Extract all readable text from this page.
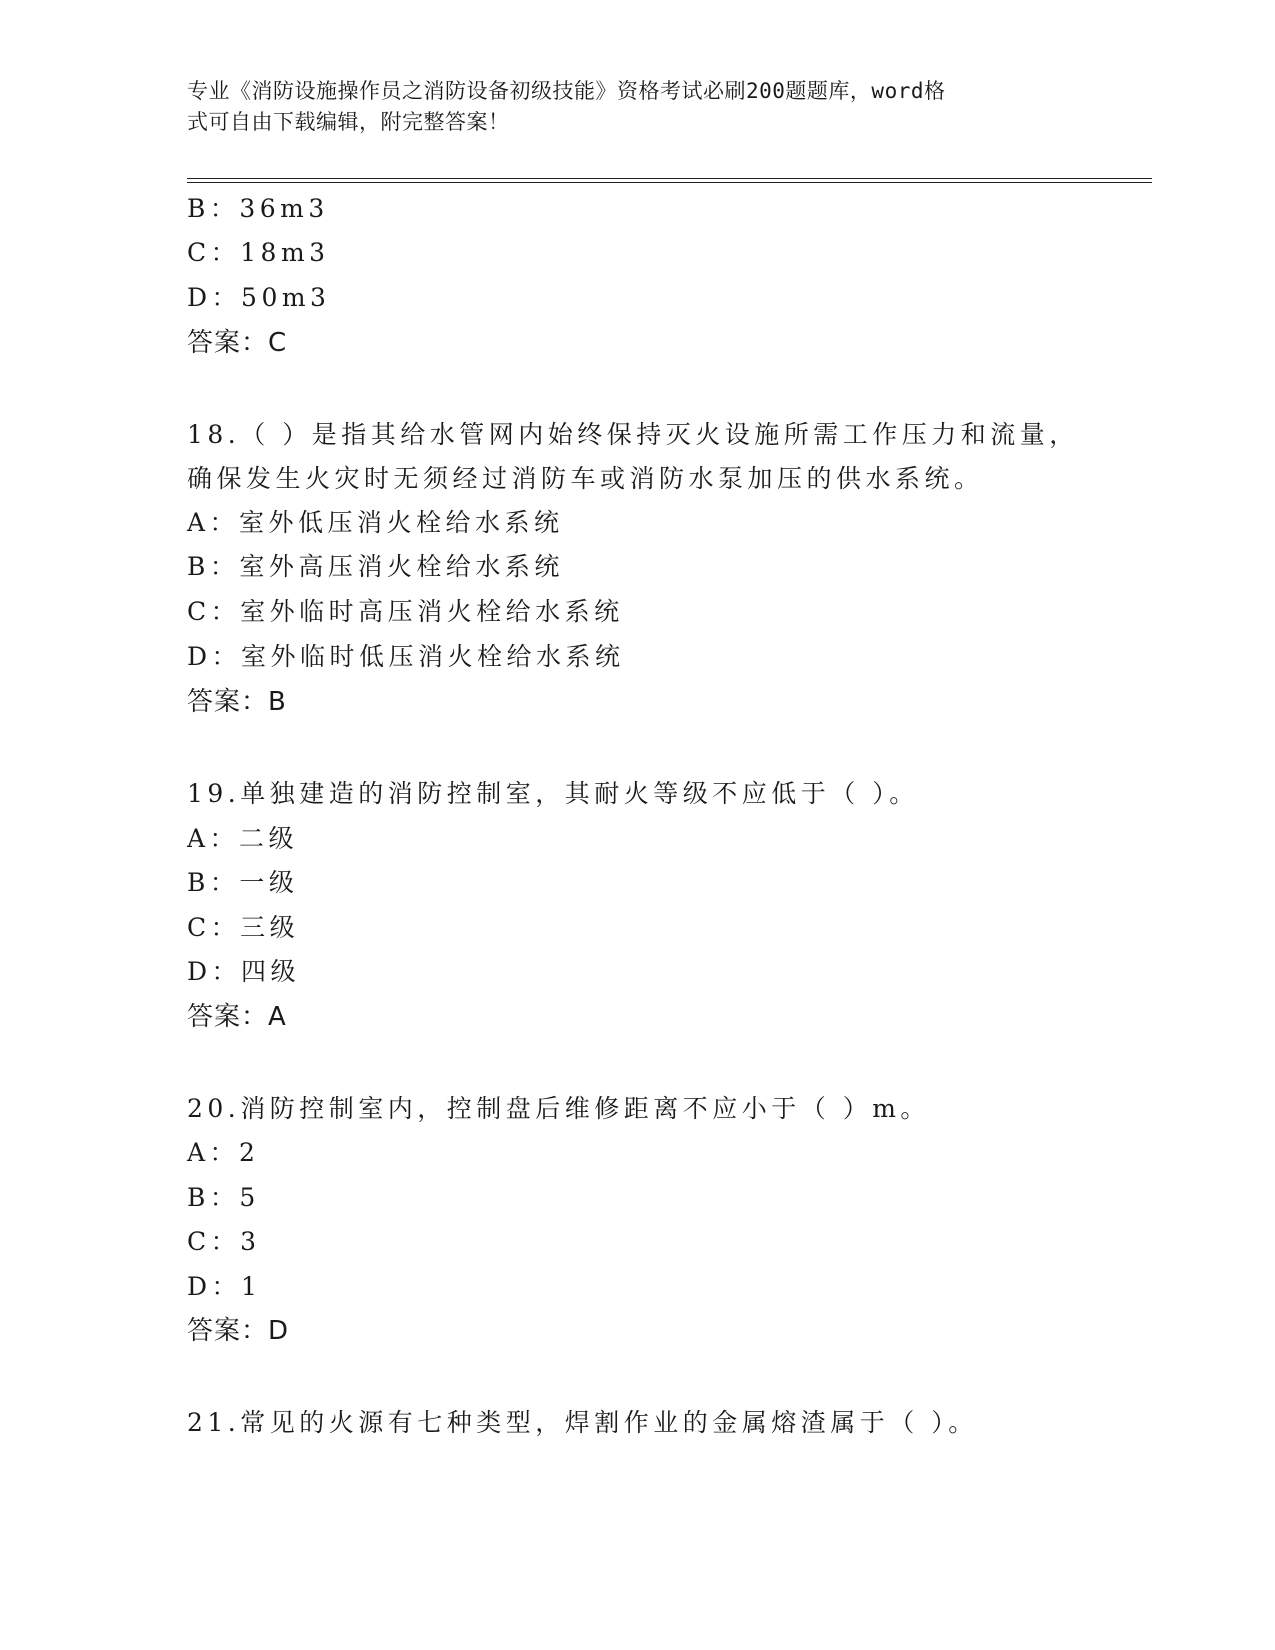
专业《消防设施操作员之消防设备初级技能》资格考试必刷200题题库，word格
式可自由下载编辑，附完整答案！
B：36m3
C：18m3
D：50m3
答案：C
18.（ ）是指其给水管网内始终保持灭火设施所需工作压力和流量，
确保发生火灾时无须经过消防车或消防水泵加压的供水系统。
A：室外低压消火栓给水系统
B：室外高压消火栓给水系统
C：室外临时高压消火栓给水系统
D：室外临时低压消火栓给水系统
答案：B
19.单独建造的消防控制室，其耐火等级不应低于（ ）。
A：二级
B：一级
C：三级
D：四级
答案：A
20.消防控制室内，控制盘后维修距离不应小于（ ）m。
A：2
B：5
C：3
D：1
答案：D
21.常见的火源有七种类型，焊割作业的金属熔渣属于（ ）。
